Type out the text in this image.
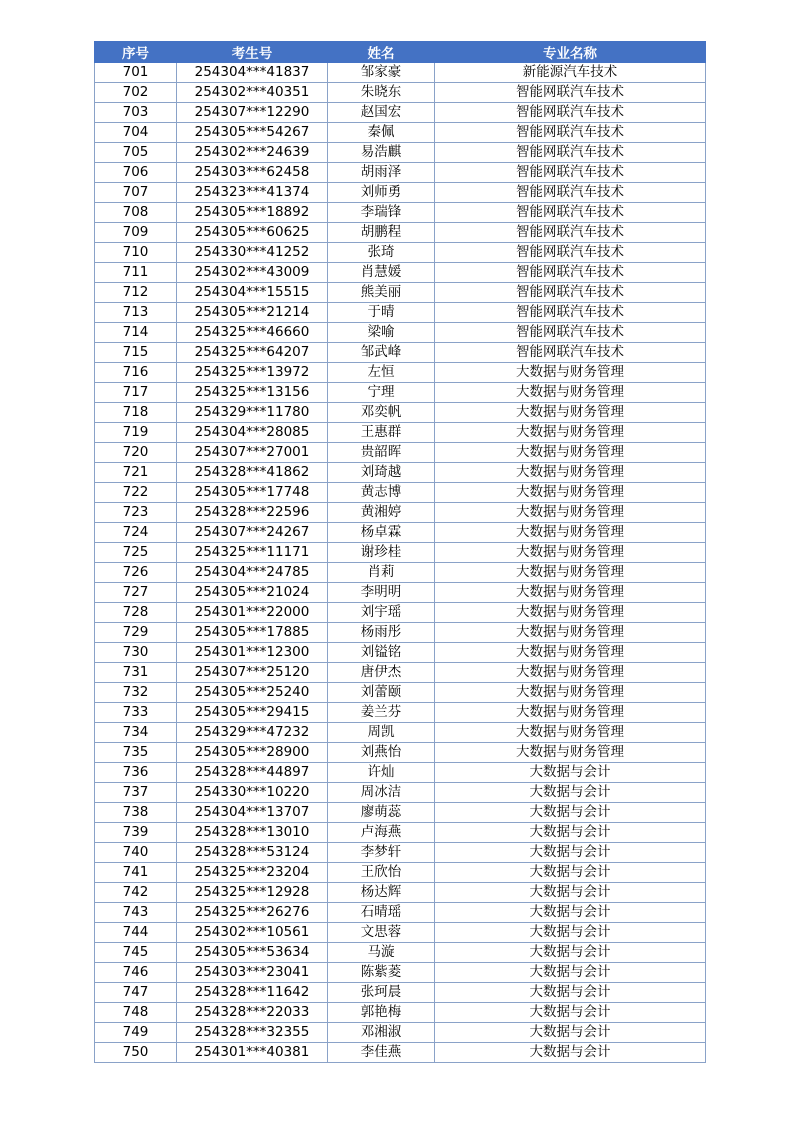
序号	考生号	姓名	专业名称
701	254304***41837	邹家豪	新能源汽车技术
702	254302***40351	朱晓东	智能网联汽车技术
703	254307***12290	赵国宏	智能网联汽车技术
704	254305***54267	秦佩	智能网联汽车技术
705	254302***24639	易浩麒	智能网联汽车技术
706	254303***62458	胡雨泽	智能网联汽车技术
707	254323***41374	刘师勇	智能网联汽车技术
708	254305***18892	李瑞锋	智能网联汽车技术
709	254305***60625	胡鹏程	智能网联汽车技术
710	254330***41252	张琦	智能网联汽车技术
711	254302***43009	肖慧媛	智能网联汽车技术
712	254304***15515	熊美丽	智能网联汽车技术
713	254305***21214	于晴	智能网联汽车技术
714	254325***46660	梁喻	智能网联汽车技术
715	254325***64207	邹武峰	智能网联汽车技术
716	254325***13972	左恒	大数据与财务管理
717	254325***13156	宁理	大数据与财务管理
718	254329***11780	邓奕帆	大数据与财务管理
719	254304***28085	王惠群	大数据与财务管理
720	254307***27001	贵韶晖	大数据与财务管理
721	254328***41862	刘琦越	大数据与财务管理
722	254305***17748	黄志博	大数据与财务管理
723	254328***22596	黄湘婷	大数据与财务管理
724	254307***24267	杨卓霖	大数据与财务管理
725	254325***11171	谢珍桂	大数据与财务管理
726	254304***24785	肖莉	大数据与财务管理
727	254305***21024	李明明	大数据与财务管理
728	254301***22000	刘宇瑶	大数据与财务管理
729	254305***17885	杨雨彤	大数据与财务管理
730	254301***12300	刘镒铭	大数据与财务管理
731	254307***25120	唐伊杰	大数据与财务管理
732	254305***25240	刘蕾颐	大数据与财务管理
733	254305***29415	姜兰芬	大数据与财务管理
734	254329***47232	周凯	大数据与财务管理
735	254305***28900	刘燕怡	大数据与财务管理
736	254328***44897	许灿	大数据与会计
737	254330***10220	周冰洁	大数据与会计
738	254304***13707	廖萌蕊	大数据与会计
739	254328***13010	卢海燕	大数据与会计
740	254328***53124	李梦轩	大数据与会计
741	254325***23204	王欣怡	大数据与会计
742	254325***12928	杨达辉	大数据与会计
743	254325***26276	石晴瑶	大数据与会计
744	254302***10561	文思蓉	大数据与会计
745	254305***53634	马漩	大数据与会计
746	254303***23041	陈紫菱	大数据与会计
747	254328***11642	张珂晨	大数据与会计
748	254328***22033	郭艳梅	大数据与会计
749	254328***32355	邓湘淑	大数据与会计
750	254301***40381	李佳燕	大数据与会计
